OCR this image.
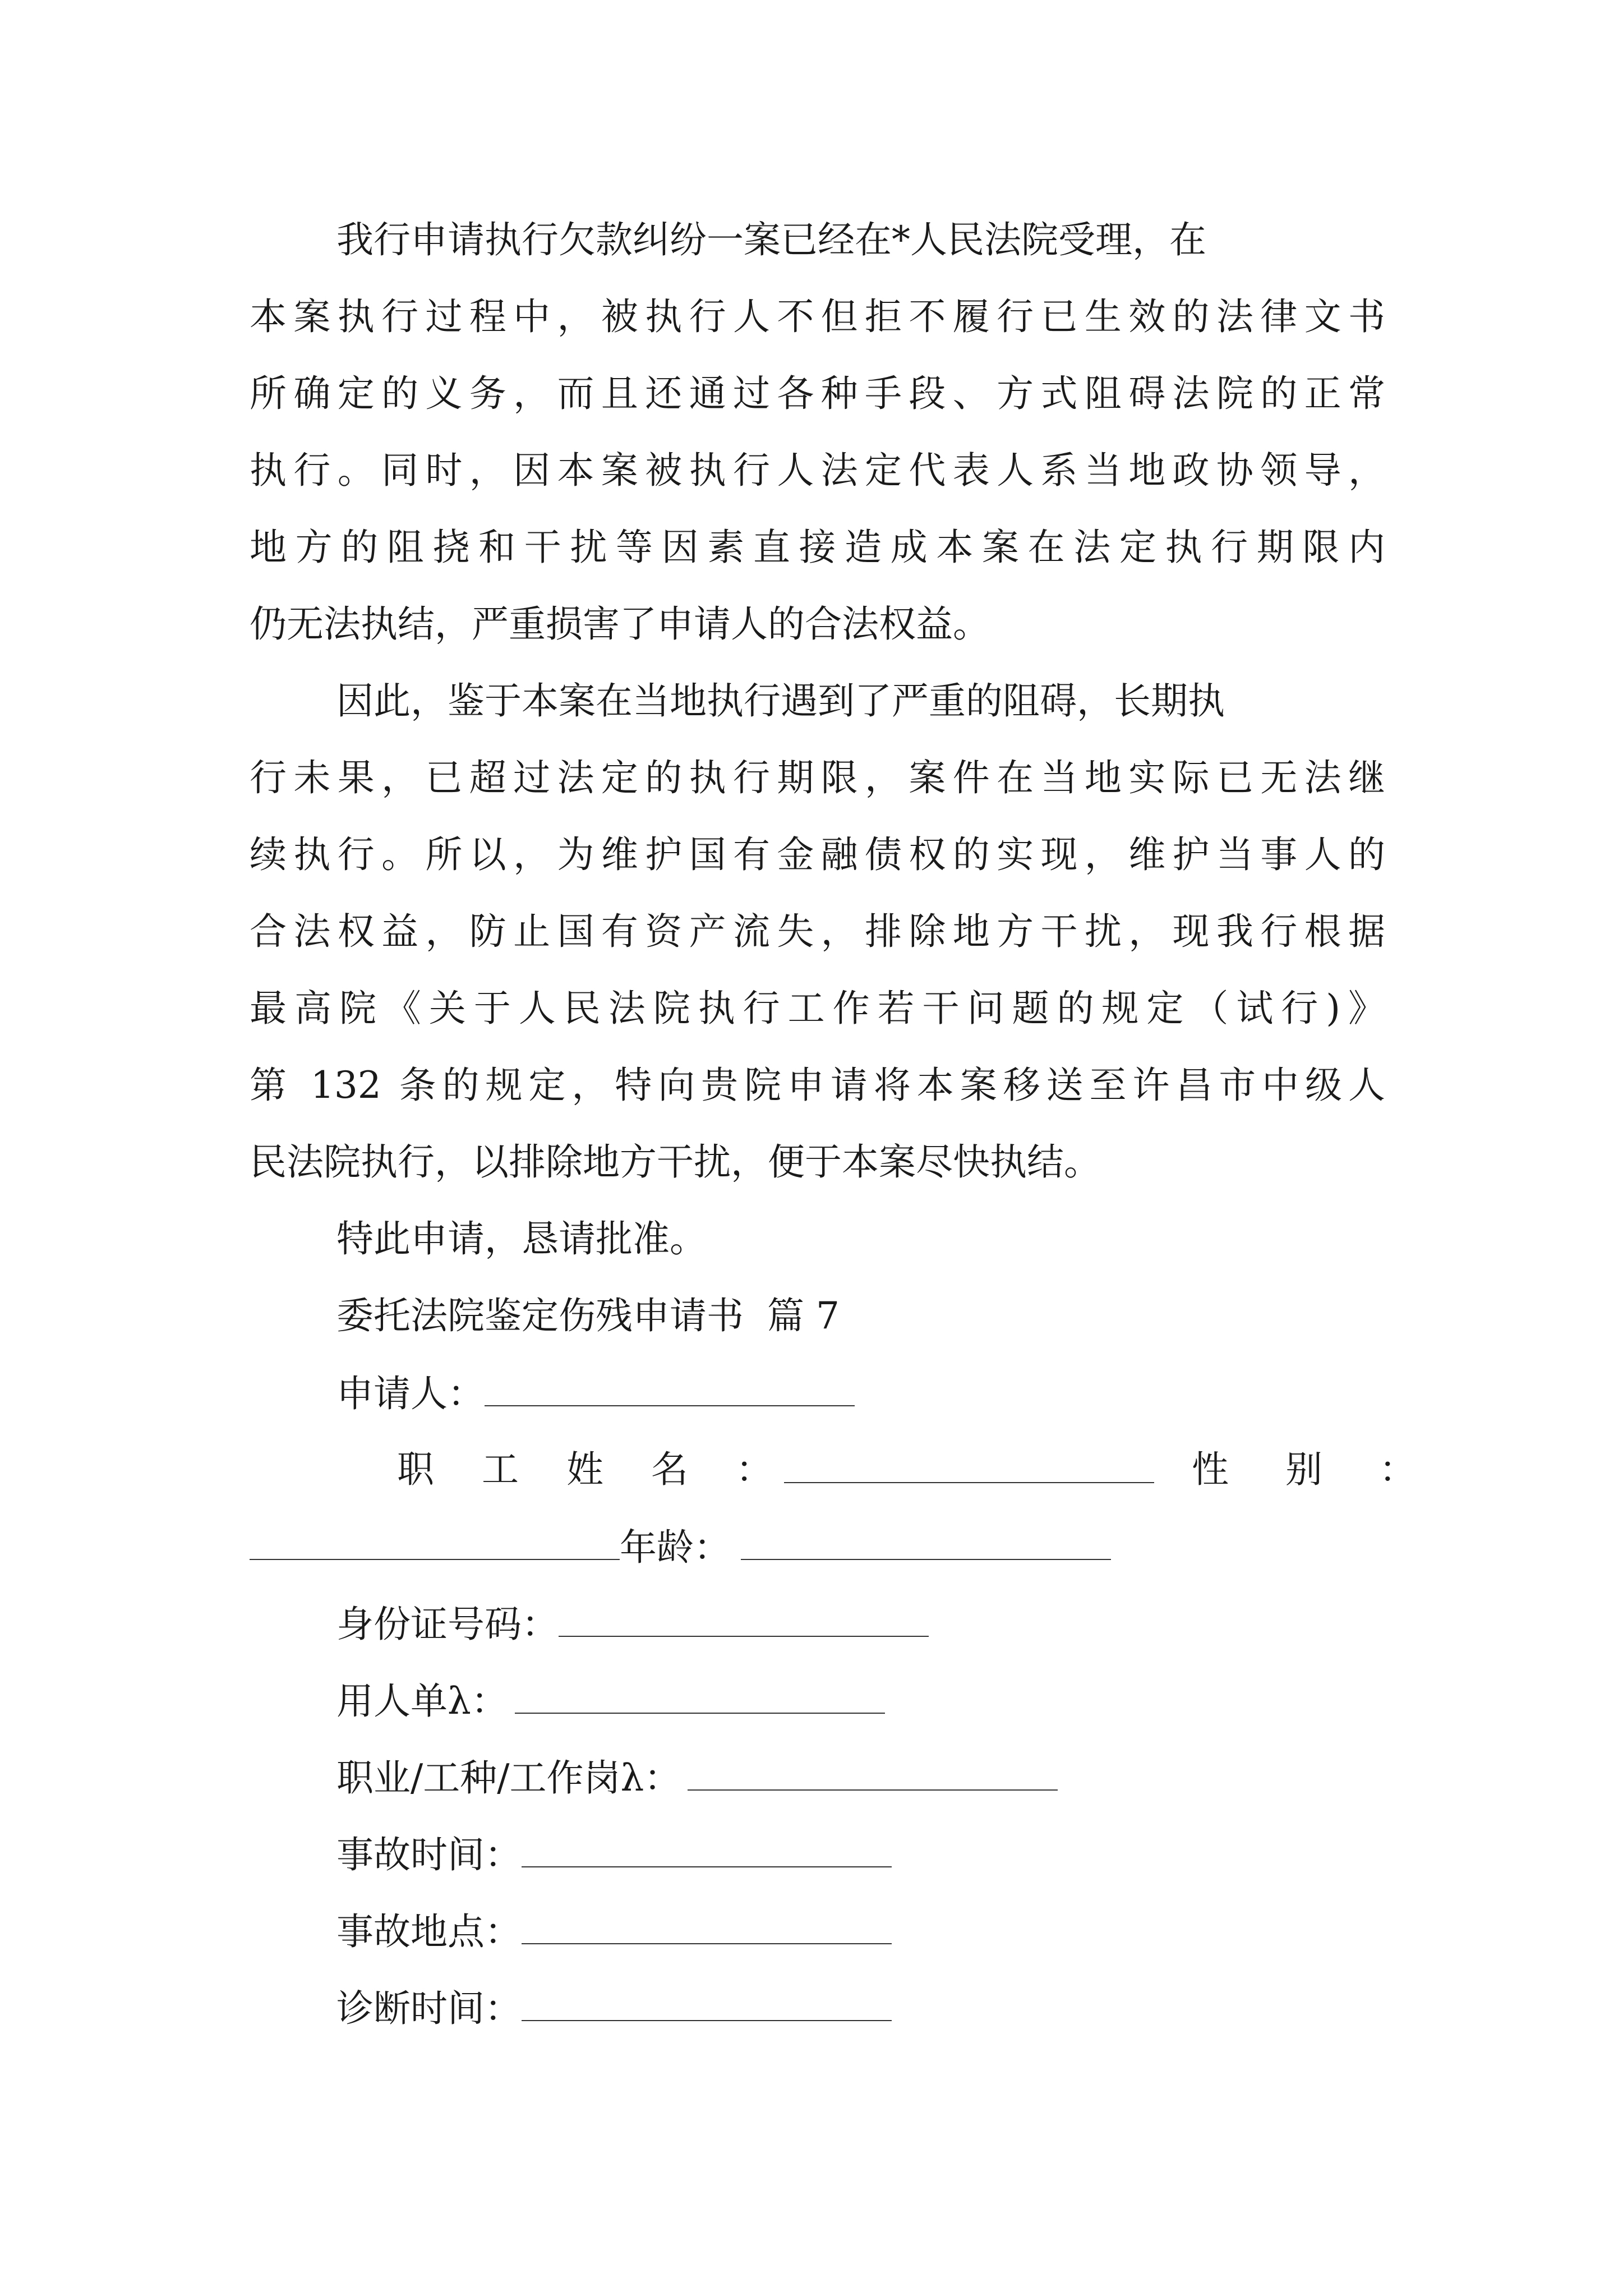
我行申请执行欠款纠纷一案已经在*人民法院受理，在
本案执行过程中，被执行人不但拒不履行已生效的法律文书
所确定的义务，而且还通过各种手段、方式阻碍法院的正常
执行。同时，因本案被执行人法定代表人系当地政协领导，
地方的阻挠和干扰等因素直接造成本案在法定执行期限内
仍无法执结，严重损害了申请人的合法权益。
因此，鉴于本案在当地执行遇到了严重的阻碍，长期执
行未果，已超过法定的执行期限，案件在当地实际已无法继
续执行。所以，为维护国有金融债权的实现，维护当事人的
合法权益，防止国有资产流失，排除地方干扰，现我行根据
最高院《关于人民法院执行工作若干问题的规定（试行)》
第 132 条的规定，特向贵院申请将本案移送至许昌市中级人
民法院执行，以排除地方干扰，便于本案尽快执结。
特此申请，恳请批准。
委托法院鉴定伤残申请书  篇 7
申请人：
职 工 姓 名 ：	性 别 ：
年龄：
身份证号码：
用人单λ：
职业/工种/工作岗λ：
事故时间：
事故地点：
诊断时间：
